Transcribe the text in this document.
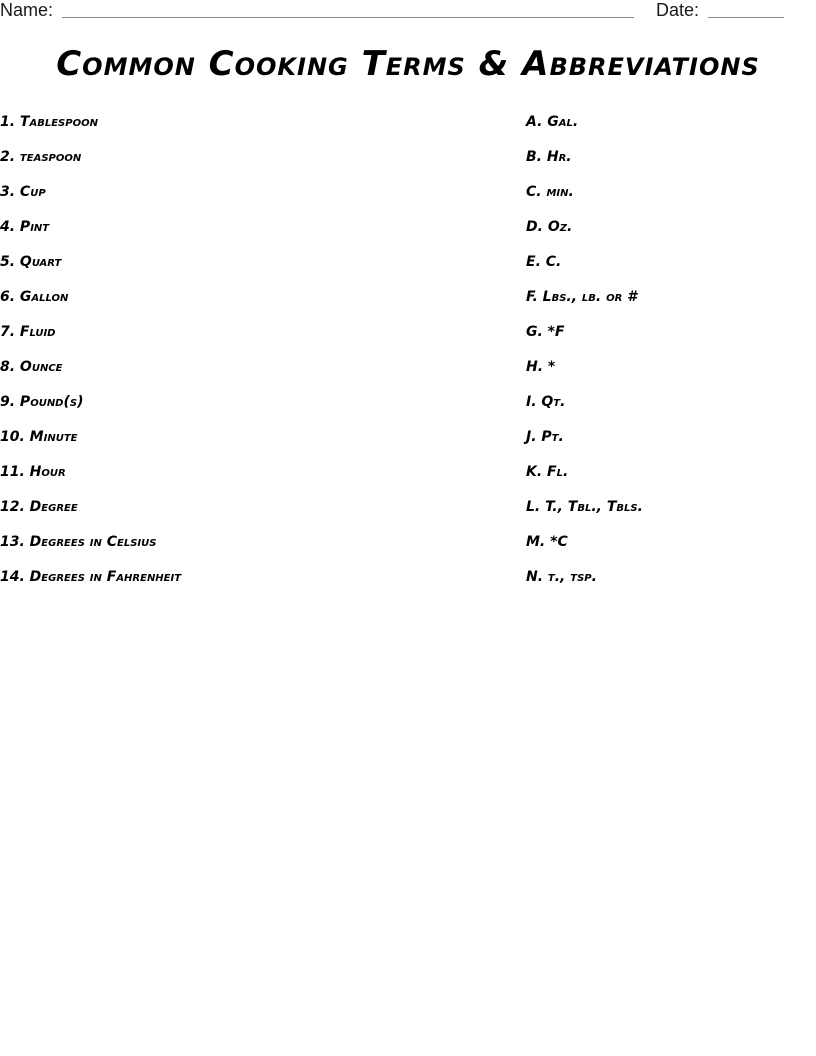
Name:	Date:
Common Cooking Terms & Abbreviations
1. Tablespoon
2. teaspoon
3. Cup
4. Pint
5. Quart
6. Gallon
7. Fluid
8. Ounce
9. Pound(s)
10. Minute
11. Hour
12. Degree
13. Degrees in Celsius
14. Degrees in Fahrenheit
A. Gal.
B. Hr.
C. min.
D. Oz.
E. C.
F. Lbs., lb. or #
G. *F
H. *
I. Qt.
J. Pt.
K. Fl.
L. T., Tbl., Tbls.
M. *C
N. t., tsp.
